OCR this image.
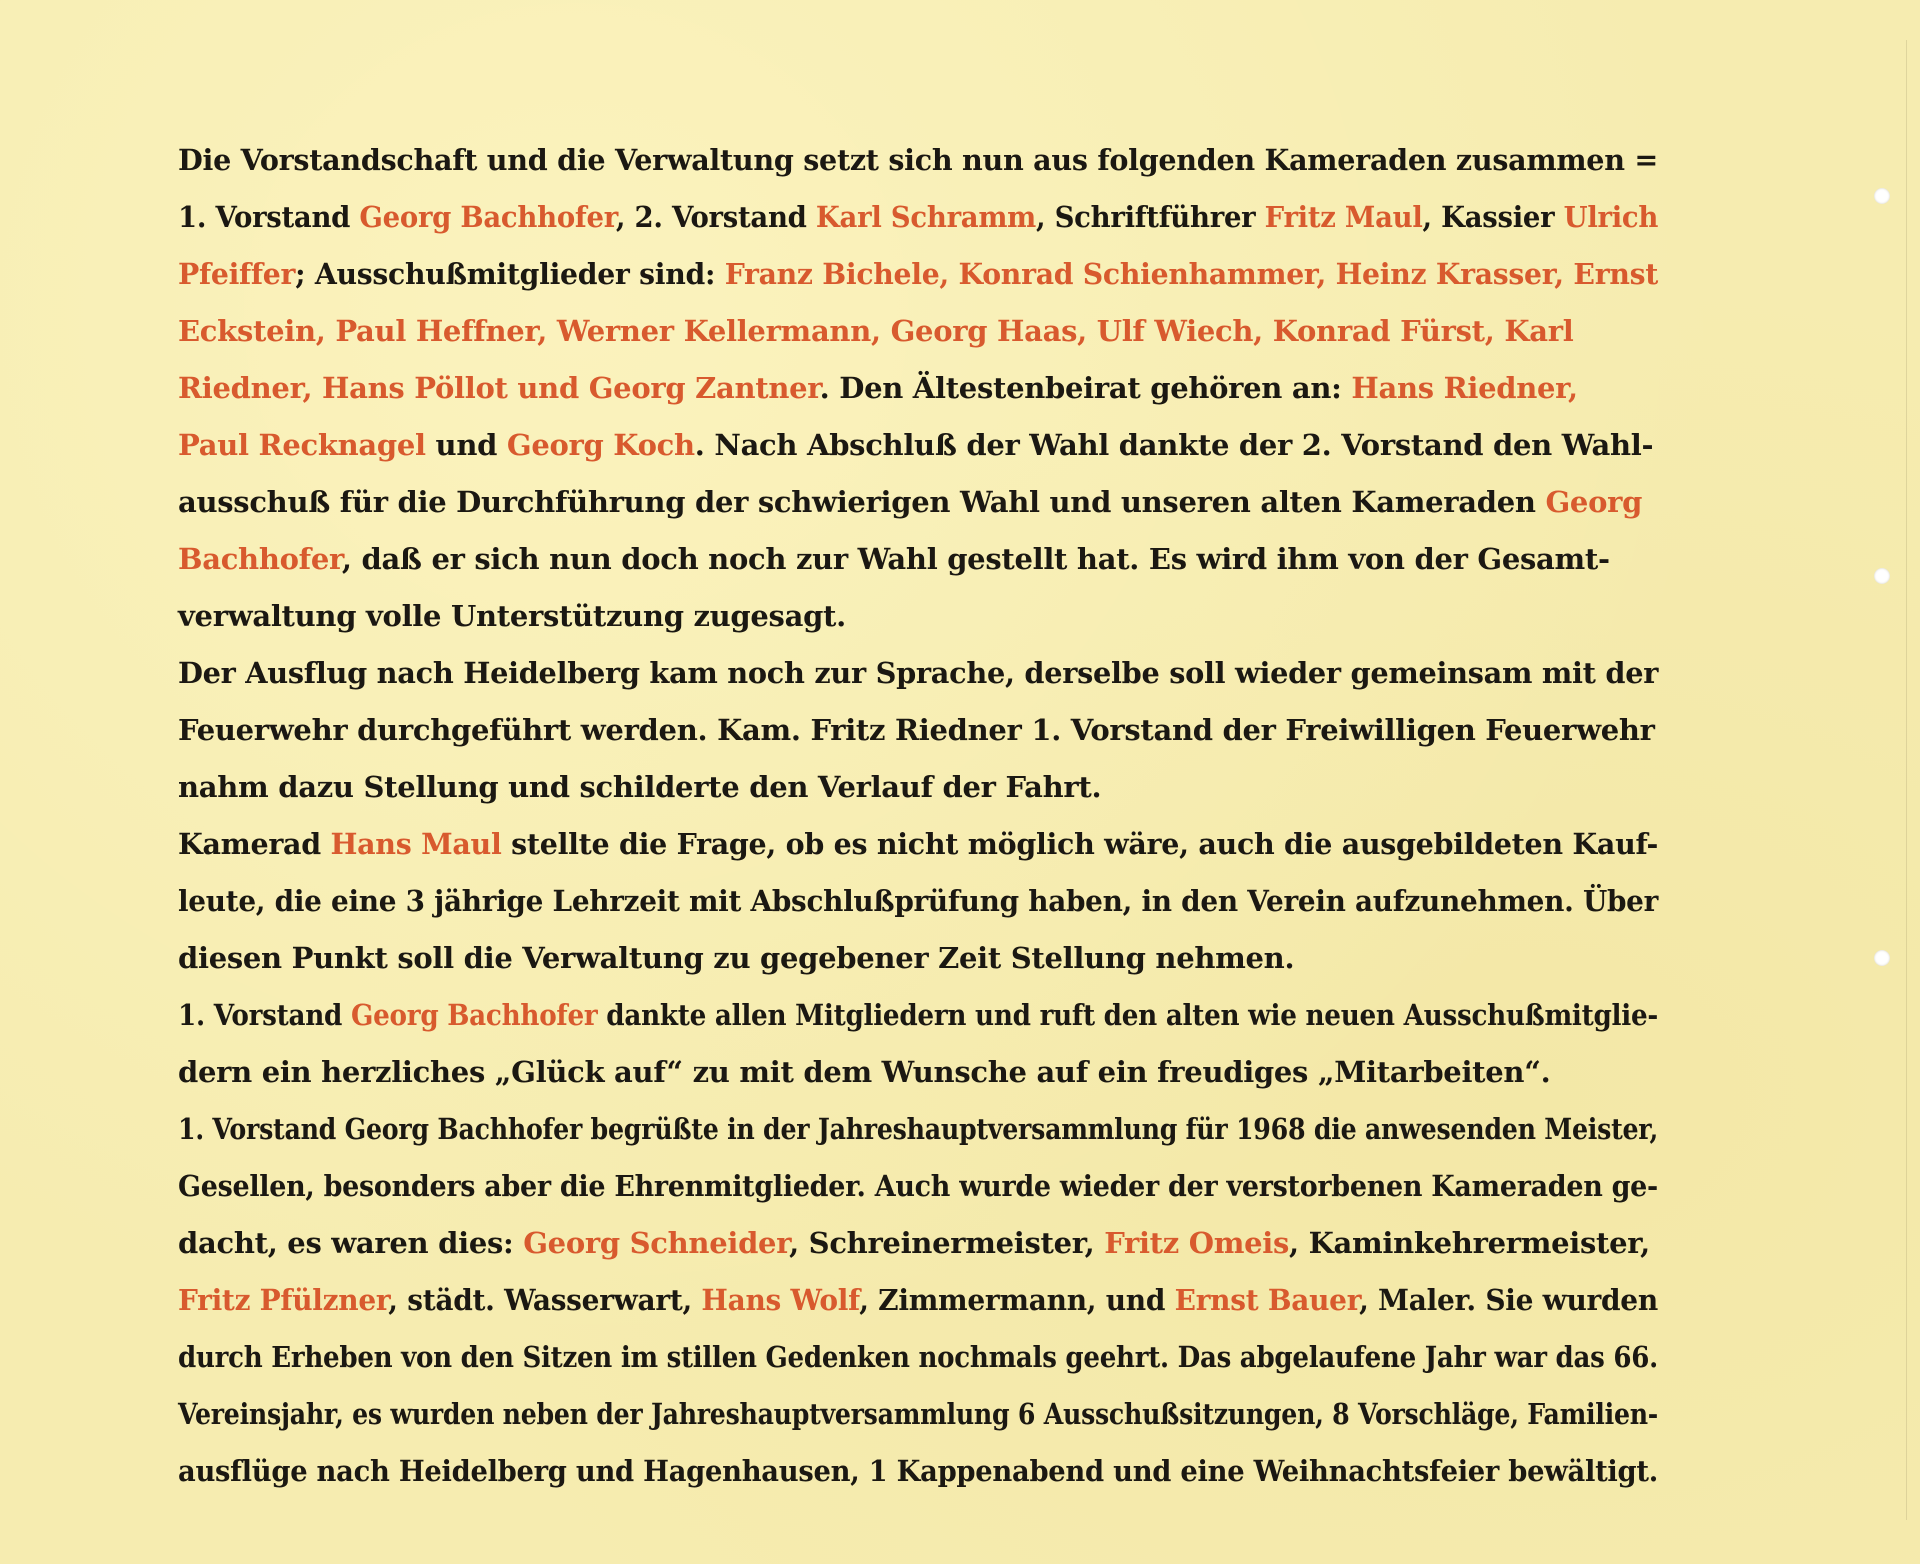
Die Vorstandschaft und die Verwaltung setzt sich nun aus folgenden Kameraden zusammen =
1. Vorstand Georg Bachhofer, 2. Vorstand Karl Schramm, Schriftführer Fritz Maul, Kassier Ulrich
Pfeiffer; Ausschußmitglieder sind: Franz Bichele, Konrad Schienhammer, Heinz Krasser, Ernst
Eckstein, Paul Heffner, Werner Kellermann, Georg Haas, Ulf Wiech, Konrad Fürst, Karl
Riedner, Hans Pöllot und Georg Zantner. Den Ältestenbeirat gehören an: Hans Riedner,
Paul Recknagel und Georg Koch. Nach Abschluß der Wahl dankte der 2. Vorstand den Wahl-
ausschuß für die Durchführung der schwierigen Wahl und unseren alten Kameraden Georg
Bachhofer, daß er sich nun doch noch zur Wahl gestellt hat. Es wird ihm von der Gesamt-
verwaltung volle Unterstützung zugesagt.
Der Ausflug nach Heidelberg kam noch zur Sprache, derselbe soll wieder gemeinsam mit der
Feuerwehr durchgeführt werden. Kam. Fritz Riedner 1. Vorstand der Freiwilligen Feuerwehr
nahm dazu Stellung und schilderte den Verlauf der Fahrt.
Kamerad Hans Maul stellte die Frage, ob es nicht möglich wäre, auch die ausgebildeten Kauf-
leute, die eine 3 jährige Lehrzeit mit Abschlußprüfung haben, in den Verein aufzunehmen. Über
diesen Punkt soll die Verwaltung zu gegebener Zeit Stellung nehmen.
1. Vorstand Georg Bachhofer dankte allen Mitgliedern und ruft den alten wie neuen Ausschußmitglie-
dern ein herzliches „Glück auf“ zu mit dem Wunsche auf ein freudiges „Mitarbeiten“.
1. Vorstand Georg Bachhofer begrüßte in der Jahreshauptversammlung für 1968 die anwesenden Meister,
Gesellen, besonders aber die Ehrenmitglieder. Auch wurde wieder der verstorbenen Kameraden ge-
dacht, es waren dies: Georg Schneider, Schreinermeister, Fritz Omeis, Kaminkehrermeister,
Fritz Pfülzner, städt. Wasserwart, Hans Wolf, Zimmermann, und Ernst Bauer, Maler. Sie wurden
durch Erheben von den Sitzen im stillen Gedenken nochmals geehrt. Das abgelaufene Jahr war das 66.
Vereinsjahr, es wurden neben der Jahreshauptversammlung 6 Ausschußsitzungen, 8 Vorschläge, Familien-
ausflüge nach Heidelberg und Hagenhausen, 1 Kappenabend und eine Weihnachtsfeier bewältigt.
